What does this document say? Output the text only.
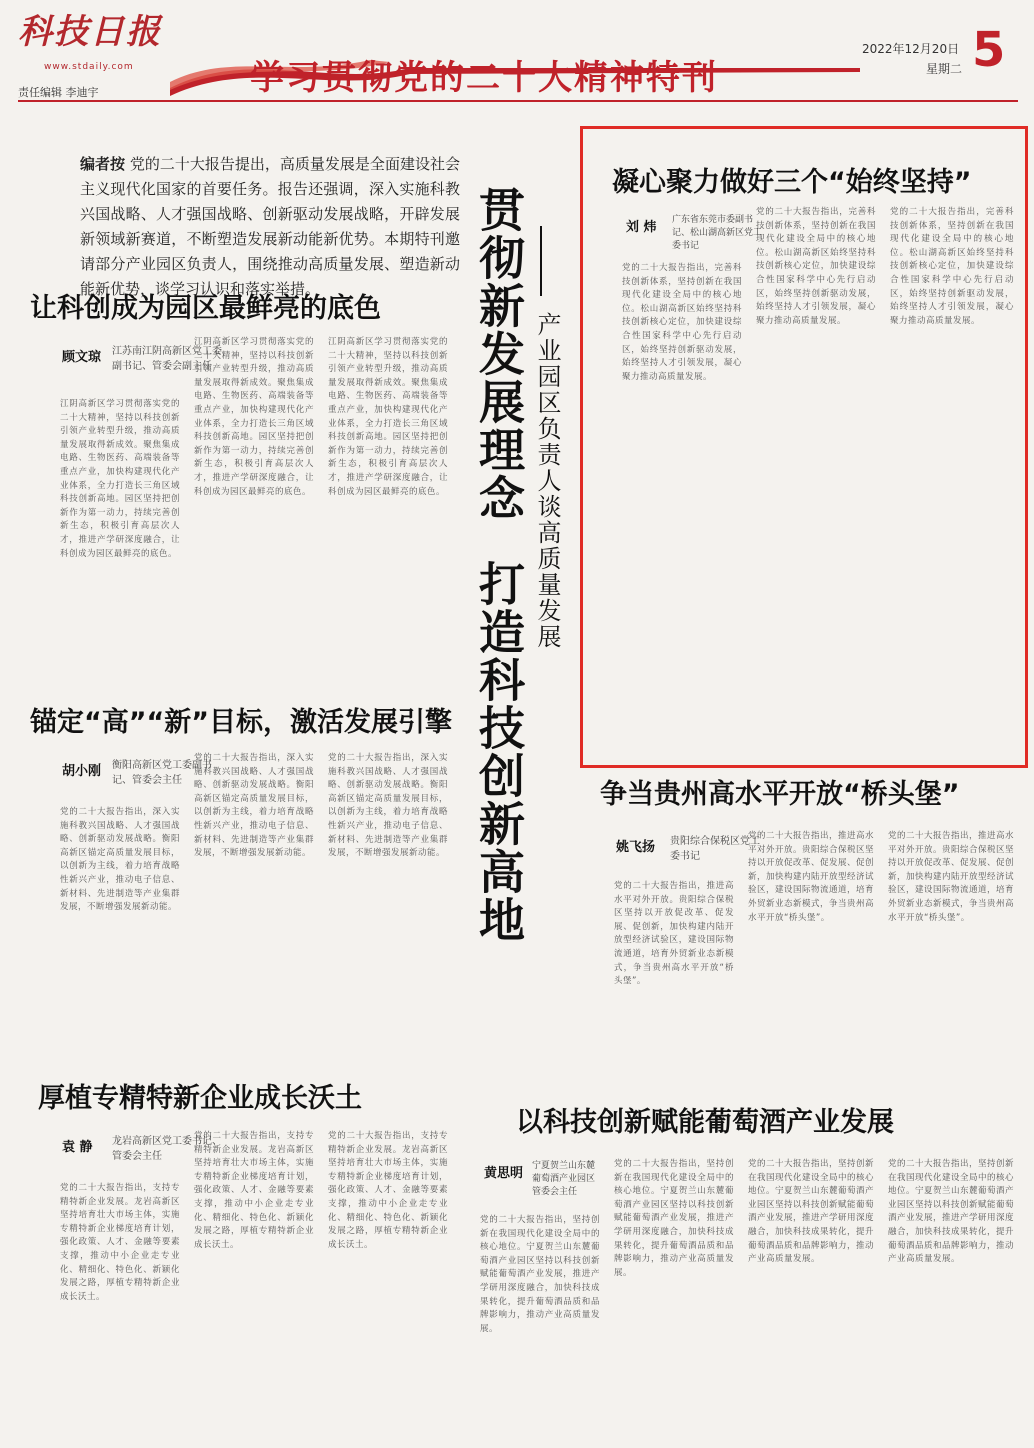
科技日报
www.stdaily.com
责任编辑 李迪宇	学习贯彻党的二十大精神特刊
2022年12月20日
星期二 5
编者按 党的二十大报告提出，高质量发展是全面建设社会主义现代化国家的首要任务。报告还强调，深入实施科教兴国战略、人才强国战略、创新驱动发展战略，开辟发展新领域新赛道，不断塑造发展新动能新优势。本期特刊邀请部分产业园区负责人，围绕推动高质量发展、塑造新动能新优势，谈学习认识和落实举措。	贯彻新发展理念
打造科技创新高地
产业园区负责人谈高质量发展
让科创成为园区最鲜亮的底色
顾文琼 江苏南江阴高新区党工委副书记、管委会副主任
江阴高新区学习贯彻落实党的二十大精神，坚持以科技创新引领产业转型升级，推动高质量发展取得新成效。聚焦集成电路、生物医药、高端装备等重点产业，加快构建现代化产业体系，全力打造长三角区域科技创新高地。园区坚持把创新作为第一动力，持续完善创新生态，积极引育高层次人才，推进产学研深度融合，让科创成为园区最鲜亮的底色。
江阴高新区学习贯彻落实党的二十大精神，坚持以科技创新引领产业转型升级，推动高质量发展取得新成效。聚焦集成电路、生物医药、高端装备等重点产业，加快构建现代化产业体系，全力打造长三角区域科技创新高地。园区坚持把创新作为第一动力，持续完善创新生态，积极引育高层次人才，推进产学研深度融合，让科创成为园区最鲜亮的底色。
江阴高新区学习贯彻落实党的二十大精神，坚持以科技创新引领产业转型升级，推动高质量发展取得新成效。聚焦集成电路、生物医药、高端装备等重点产业，加快构建现代化产业体系，全力打造长三角区域科技创新高地。园区坚持把创新作为第一动力，持续完善创新生态，积极引育高层次人才，推进产学研深度融合，让科创成为园区最鲜亮的底色。
锚定“高”“新”目标，激活发展引擎
胡小刚 衡阳高新区党工委副书记、管委会主任
党的二十大报告指出，深入实施科教兴国战略、人才强国战略、创新驱动发展战略。衡阳高新区锚定高质量发展目标，以创新为主线，着力培育战略性新兴产业，推动电子信息、新材料、先进制造等产业集群发展，不断增强发展新动能。
党的二十大报告指出，深入实施科教兴国战略、人才强国战略、创新驱动发展战略。衡阳高新区锚定高质量发展目标，以创新为主线，着力培育战略性新兴产业，推动电子信息、新材料、先进制造等产业集群发展，不断增强发展新动能。
党的二十大报告指出，深入实施科教兴国战略、人才强国战略、创新驱动发展战略。衡阳高新区锚定高质量发展目标，以创新为主线，着力培育战略性新兴产业，推动电子信息、新材料、先进制造等产业集群发展，不断增强发展新动能。
厚植专精特新企业成长沃土
袁 静 龙岩高新区党工委书记、管委会主任
党的二十大报告指出，支持专精特新企业发展。龙岩高新区坚持培育壮大市场主体，实施专精特新企业梯度培育计划，强化政策、人才、金融等要素支撑，推动中小企业走专业化、精细化、特色化、新颖化发展之路，厚植专精特新企业成长沃土。
党的二十大报告指出，支持专精特新企业发展。龙岩高新区坚持培育壮大市场主体，实施专精特新企业梯度培育计划，强化政策、人才、金融等要素支撑，推动中小企业走专业化、精细化、特色化、新颖化发展之路，厚植专精特新企业成长沃土。
党的二十大报告指出，支持专精特新企业发展。龙岩高新区坚持培育壮大市场主体，实施专精特新企业梯度培育计划，强化政策、人才、金融等要素支撑，推动中小企业走专业化、精细化、特色化、新颖化发展之路，厚植专精特新企业成长沃土。
凝心聚力做好三个“始终坚持”
刘 炜 广东省东莞市委副书记、松山湖高新区党工委书记
党的二十大报告指出，完善科技创新体系，坚持创新在我国现代化建设全局中的核心地位。松山湖高新区始终坚持科技创新核心定位，加快建设综合性国家科学中心先行启动区，始终坚持创新驱动发展，始终坚持人才引领发展，凝心聚力推动高质量发展。
党的二十大报告指出，完善科技创新体系，坚持创新在我国现代化建设全局中的核心地位。松山湖高新区始终坚持科技创新核心定位，加快建设综合性国家科学中心先行启动区，始终坚持创新驱动发展，始终坚持人才引领发展，凝心聚力推动高质量发展。
党的二十大报告指出，完善科技创新体系，坚持创新在我国现代化建设全局中的核心地位。松山湖高新区始终坚持科技创新核心定位，加快建设综合性国家科学中心先行启动区，始终坚持创新驱动发展，始终坚持人才引领发展，凝心聚力推动高质量发展。
争当贵州高水平开放“桥头堡”
姚飞扬 贵阳综合保税区党工委书记
党的二十大报告指出，推进高水平对外开放。贵阳综合保税区坚持以开放促改革、促发展、促创新，加快构建内陆开放型经济试验区，建设国际物流通道，培育外贸新业态新模式，争当贵州高水平开放“桥头堡”。
党的二十大报告指出，推进高水平对外开放。贵阳综合保税区坚持以开放促改革、促发展、促创新，加快构建内陆开放型经济试验区，建设国际物流通道，培育外贸新业态新模式，争当贵州高水平开放“桥头堡”。
党的二十大报告指出，推进高水平对外开放。贵阳综合保税区坚持以开放促改革、促发展、促创新，加快构建内陆开放型经济试验区，建设国际物流通道，培育外贸新业态新模式，争当贵州高水平开放“桥头堡”。
以科技创新赋能葡萄酒产业发展
黄思明 宁夏贺兰山东麓葡萄酒产业园区管委会主任
党的二十大报告指出，坚持创新在我国现代化建设全局中的核心地位。宁夏贺兰山东麓葡萄酒产业园区坚持以科技创新赋能葡萄酒产业发展，推进产学研用深度融合，加快科技成果转化，提升葡萄酒品质和品牌影响力，推动产业高质量发展。
党的二十大报告指出，坚持创新在我国现代化建设全局中的核心地位。宁夏贺兰山东麓葡萄酒产业园区坚持以科技创新赋能葡萄酒产业发展，推进产学研用深度融合，加快科技成果转化，提升葡萄酒品质和品牌影响力，推动产业高质量发展。
党的二十大报告指出，坚持创新在我国现代化建设全局中的核心地位。宁夏贺兰山东麓葡萄酒产业园区坚持以科技创新赋能葡萄酒产业发展，推进产学研用深度融合，加快科技成果转化，提升葡萄酒品质和品牌影响力，推动产业高质量发展。
党的二十大报告指出，坚持创新在我国现代化建设全局中的核心地位。宁夏贺兰山东麓葡萄酒产业园区坚持以科技创新赋能葡萄酒产业发展，推进产学研用深度融合，加快科技成果转化，提升葡萄酒品质和品牌影响力，推动产业高质量发展。
